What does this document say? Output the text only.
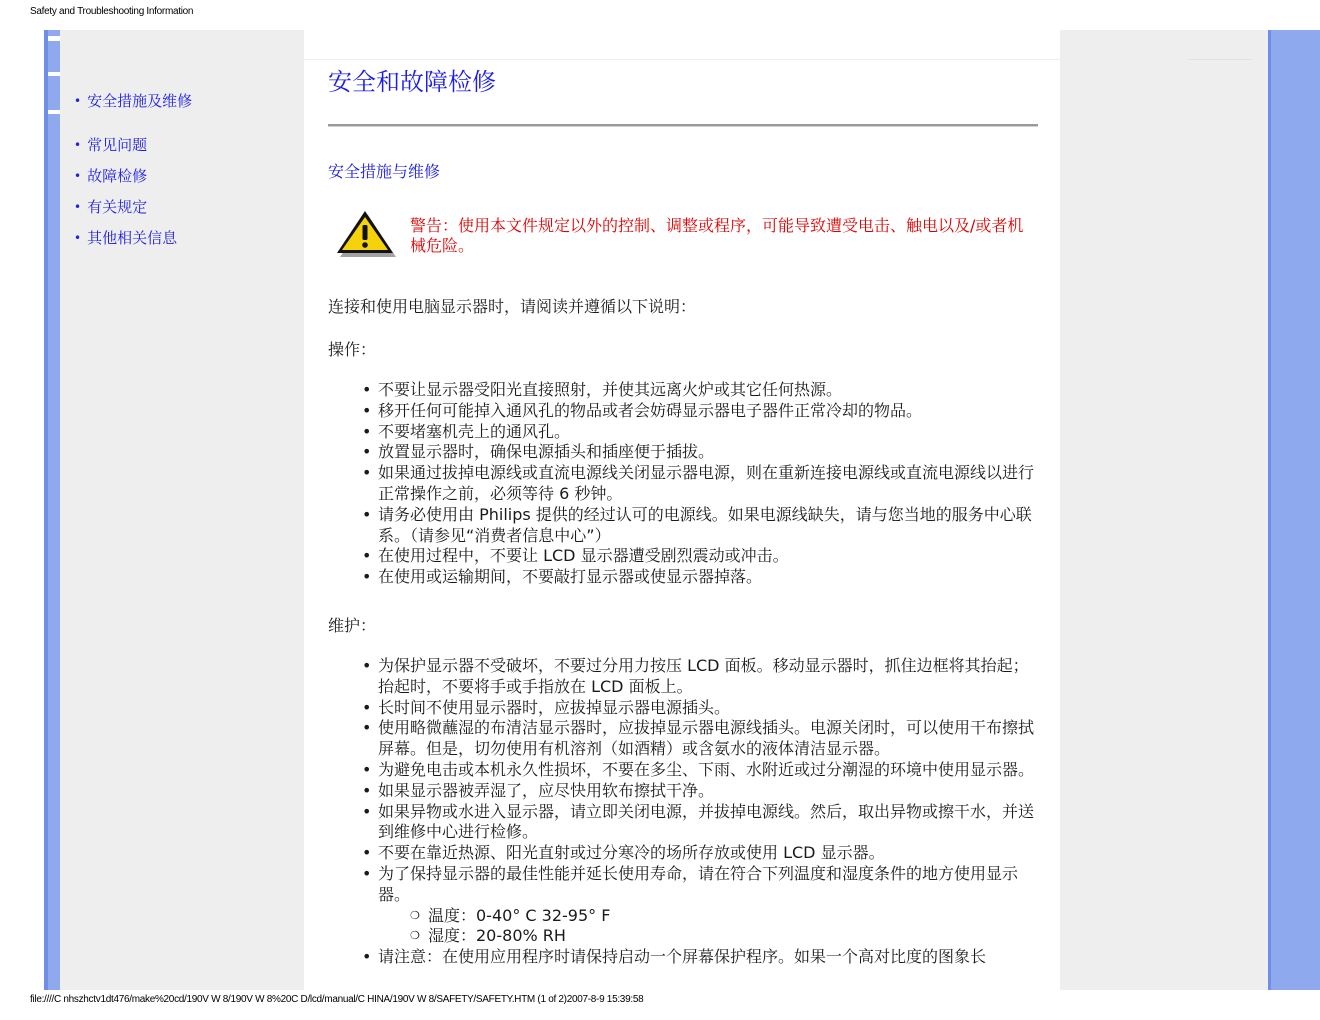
Safety and Troubleshooting Information
• 安全措施及维修
• 常见问题
• 故障检修
• 有关规定
• 其他相关信息
安全和故障检修
安全措施与维修
警告：使用本文件规定以外的控制、调整或程序，可能导致遭受电击、触电以及/或者机械危险。
连接和使用电脑显示器时，请阅读并遵循以下说明：
操作：
• 不要让显示器受阳光直接照射，并使其远离火炉或其它任何热源。
• 移开任何可能掉入通风孔的物品或者会妨碍显示器电子器件正常冷却的物品。
• 不要堵塞机壳上的通风孔。
• 放置显示器时，确保电源插头和插座便于插拔。
• 如果通过拔掉电源线或直流电源线关闭显示器电源，则在重新连接电源线或直流电源线以进行正常操作之前，必须等待 6 秒钟。
• 请务必使用由 Philips 提供的经过认可的电源线。如果电源线缺失，请与您当地的服务中心联系。（请参见“消费者信息中心”）
• 在使用过程中，不要让 LCD 显示器遭受剧烈震动或冲击。
• 在使用或运输期间，不要敲打显示器或使显示器掉落。
维护：
• 为保护显示器不受破坏，不要过分用力按压 LCD 面板。移动显示器时，抓住边框将其抬起；抬起时，不要将手或手指放在 LCD 面板上。
• 长时间不使用显示器时，应拔掉显示器电源插头。
• 使用略微蘸湿的布清洁显示器时，应拔掉显示器电源线插头。电源关闭时，可以使用干布擦拭屏幕。但是，切勿使用有机溶剂（如酒精）或含氨水的液体清洁显示器。
• 为避免电击或本机永久性损坏，不要在多尘、下雨、水附近或过分潮湿的环境中使用显示器。
• 如果显示器被弄湿了，应尽快用软布擦拭干净。
• 如果异物或水进入显示器，请立即关闭电源，并拔掉电源线。然后，取出异物或擦干水，并送到维修中心进行检修。
• 不要在靠近热源、阳光直射或过分寒冷的场所存放或使用 LCD 显示器。
• 为了保持显示器的最佳性能并延长使用寿命，请在符合下列温度和湿度条件的地方使用显示器。
❍ 温度：0-40° C 32-95° F
❍ 湿度：20-80% RH
• 请注意：在使用应用程序时请保持启动一个屏幕保护程序。如果一个高对比度的图象长
file:////C nhszhctv1dt476/make%20cd/190V W 8/190V W 8%20C D/lcd/manual/C HINA/190V W 8/SAFETY/SAFETY.HTM (1 of 2)2007-8-9 15:39:58
